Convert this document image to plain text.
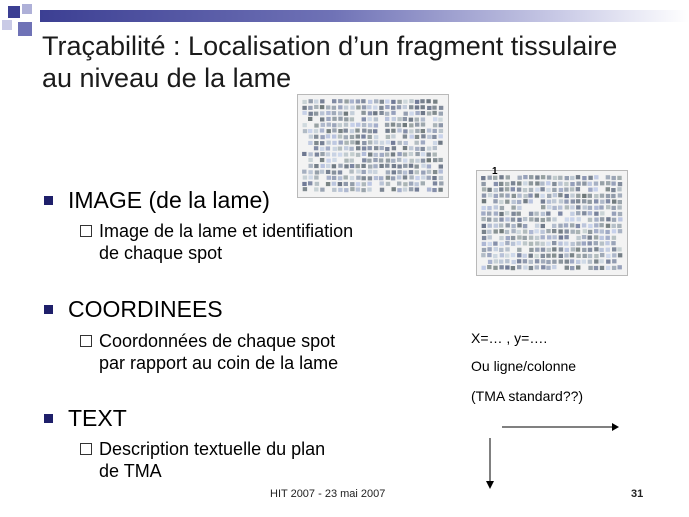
Traçabilité : Localisation d’un fragment tissulaire au niveau de la lame
IMAGE (de la lame)
Image de la lame et identifiation de chaque spot
COORDINEES
Coordonnées de chaque spot par rapport au coin de la lame
TEXT
Description textuelle du plan de TMA
1
X=… , y=….
Ou ligne/colonne
(TMA standard??)
HIT 2007 - 23 mai 2007	31
